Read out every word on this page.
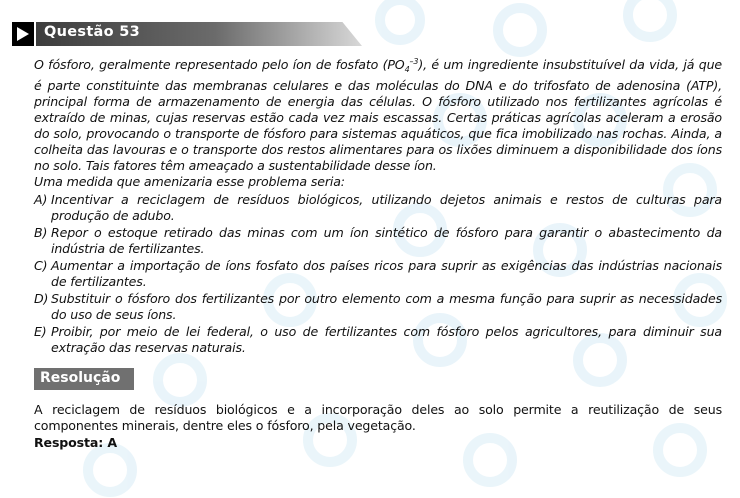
Questão 53

O fósforo, geralmente representado pelo íon de fosfato $(PO_4^{-3})$, é um ingrediente insubstituível da vida, já que é parte constituinte das membranas celulares e das moléculas do DNA e do trifosfato de adenosina (ATP), principal forma de armazenamento de energia das células. O fósforo utilizado nos fertilizantes agrícolas é extraído de minas, cujas reservas estão cada vez mais escassas. Certas práticas agrícolas aceleram a erosão do solo, provocando o transporte de fósforo para sistemas aquáticos, que fica imobilizado nas rochas. Ainda, a colheita das lavouras e o transporte dos restos alimentares para os lixões diminuem a disponibilidade dos íons no solo. Tais fatores têm ameaçado a sustentabilidade desse íon.

Uma medida que amenizaria esse problema seria:

A) Incentivar a reciclagem de resíduos biológicos, utilizando dejetos animais e restos de culturas para produção de adubo.
B) Repor o estoque retirado das minas com um íon sintético de fósforo para garantir o abastecimento da indústria de fertilizantes.
C) Aumentar a importação de íons fosfato dos países ricos para suprir as exigências das indústrias nacionais de fertilizantes.
D) Substituir o fósforo dos fertilizantes por outro elemento com a mesma função para suprir as necessidades do uso de seus íons.
E) Proibir, por meio de lei federal, o uso de fertilizantes com fósforo pelos agricultores, para diminuir sua extração das reservas naturais.
Resolução

A reciclagem de resíduos biológicos e a incorporação deles ao solo permite a reutilização de seus componentes minerais, dentre eles o fósforo, pela vegetação.

Resposta: A
